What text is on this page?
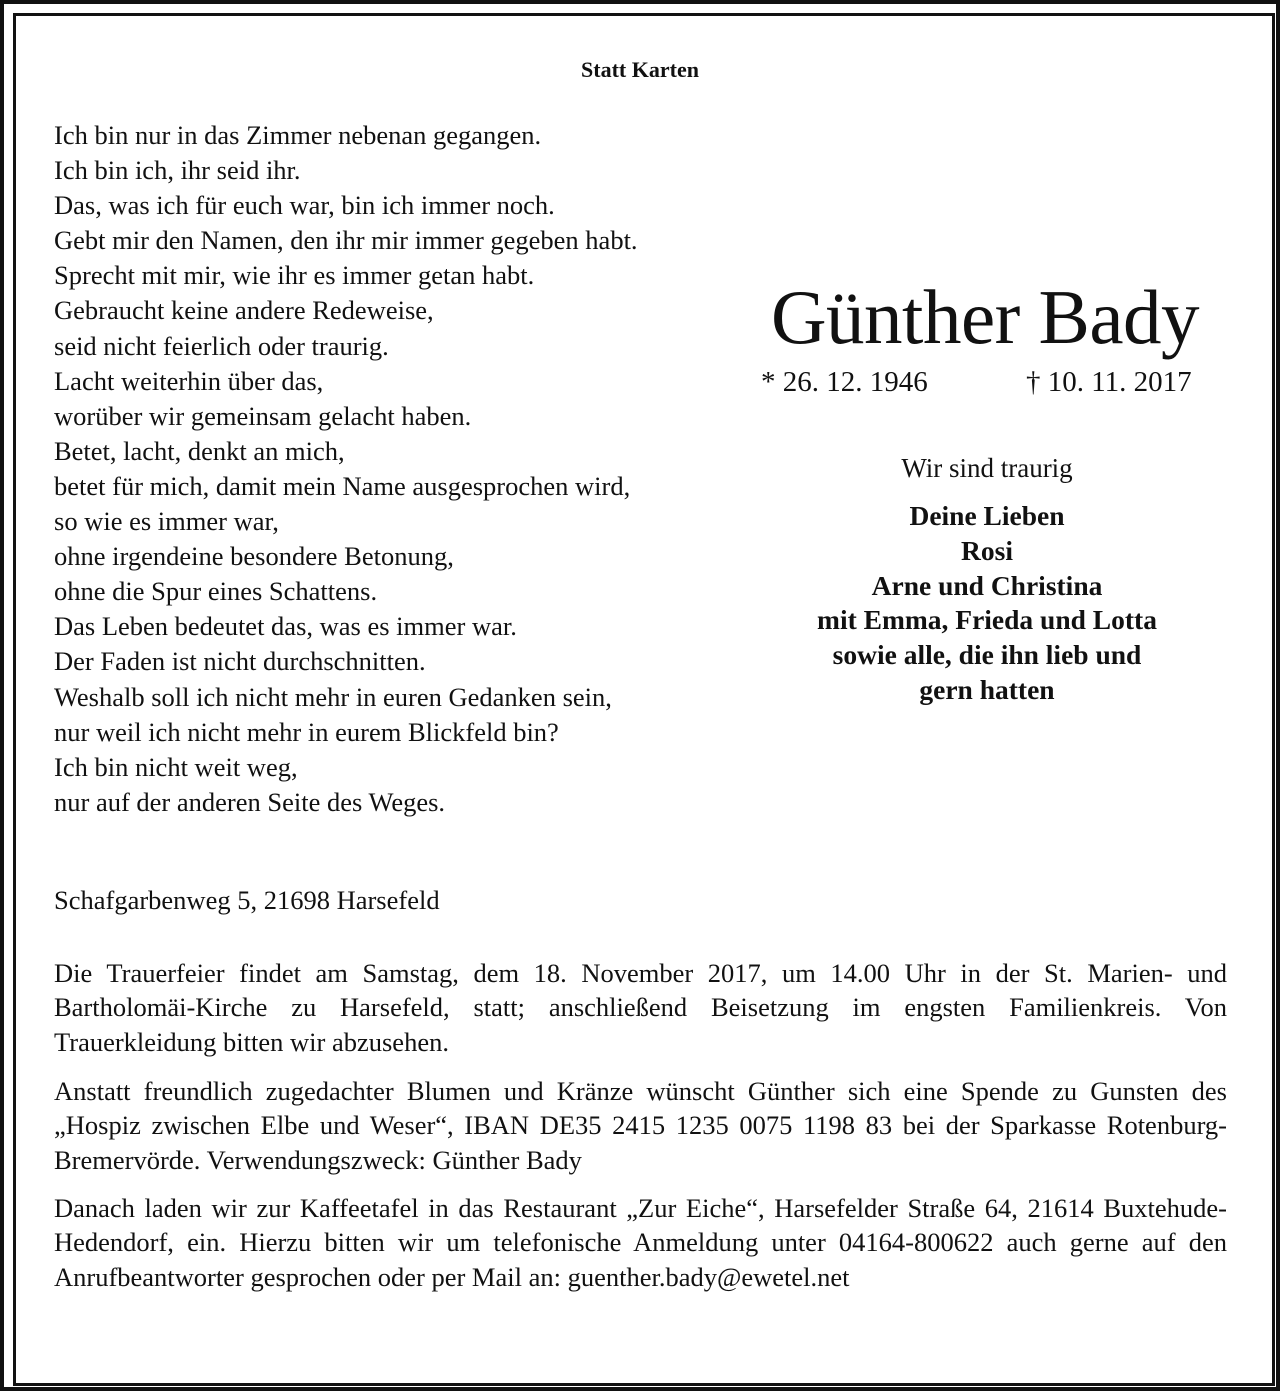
Statt Karten
Ich bin nur in das Zimmer nebenan gegangen.
Ich bin ich, ihr seid ihr.
Das, was ich für euch war, bin ich immer noch.
Gebt mir den Namen, den ihr mir immer gegeben habt.
Sprecht mit mir, wie ihr es immer getan habt.
Gebraucht keine andere Redeweise,
seid nicht feierlich oder traurig.
Lacht weiterhin über das,
worüber wir gemeinsam gelacht haben.
Betet, lacht, denkt an mich,
betet für mich, damit mein Name ausgesprochen wird,
so wie es immer war,
ohne irgendeine besondere Betonung,
ohne die Spur eines Schattens.
Das Leben bedeutet das, was es immer war.
Der Faden ist nicht durchschnitten.
Weshalb soll ich nicht mehr in euren Gedanken sein,
nur weil ich nicht mehr in eurem Blickfeld bin?
Ich bin nicht weit weg,
nur auf der anderen Seite des Weges.
Günther Bady
* 26. 12. 1946	† 10. 11. 2017
Wir sind traurig
Deine Lieben
Rosi
Arne und Christina
mit Emma, Frieda und Lotta
sowie alle, die ihn lieb und
gern hatten
Schafgarbenweg 5, 21698 Harsefeld
Die Trauerfeier findet am Samstag, dem 18. November 2017, um 14.00 Uhr in der St. Marien- und Bartholomäi-Kirche zu Harsefeld, statt; anschließend Beisetzung im engsten Familienkreis. Von Trauerkleidung bitten wir abzusehen.
Anstatt freundlich zugedachter Blumen und Kränze wünscht Günther sich eine Spende zu Gunsten des „Hospiz zwischen Elbe und Weser“, IBAN DE35 2415 1235 0075 1198 83 bei der Sparkasse Rotenburg-Bremervörde. Verwendungszweck: Günther Bady
Danach laden wir zur Kaffeetafel in das Restaurant „Zur Eiche“, Harsefelder Straße 64, 21614 Buxtehude-Hedendorf, ein. Hierzu bitten wir um telefonische Anmeldung unter 04164-800622 auch gerne auf den Anrufbeantworter gesprochen oder per Mail an: guenther.bady@ewetel.net
